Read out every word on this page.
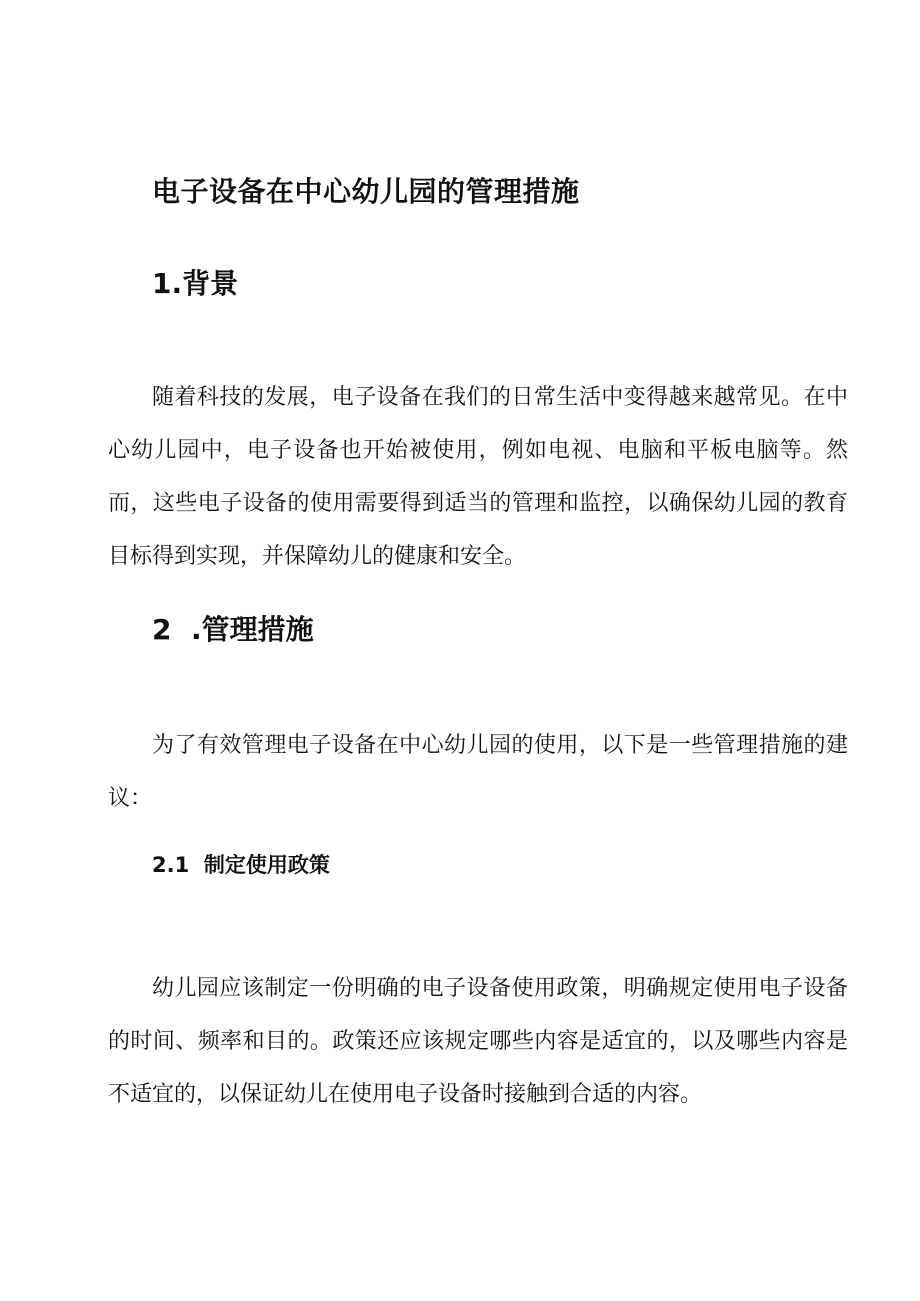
电子设备在中心幼儿园的管理措施
1.背景

随着科技的发展，电子设备在我们的日常生活中变得越来越常见。在中心幼儿园中，电子设备也开始被使用，例如电视、电脑和平板电脑等。然而，这些电子设备的使用需要得到适当的管理和监控，以确保幼儿园的教育目标得到实现，并保障幼儿的健康和安全。

2  .管理措施

为了有效管理电子设备在中心幼儿园的使用，以下是一些管理措施的建议：

2.1  制定使用政策

幼儿园应该制定一份明确的电子设备使用政策，明确规定使用电子设备的时间、频率和目的。政策还应该规定哪些内容是适宜的，以及哪些内容是不适宜的，以保证幼儿在使用电子设备时接触到合适的内容。
